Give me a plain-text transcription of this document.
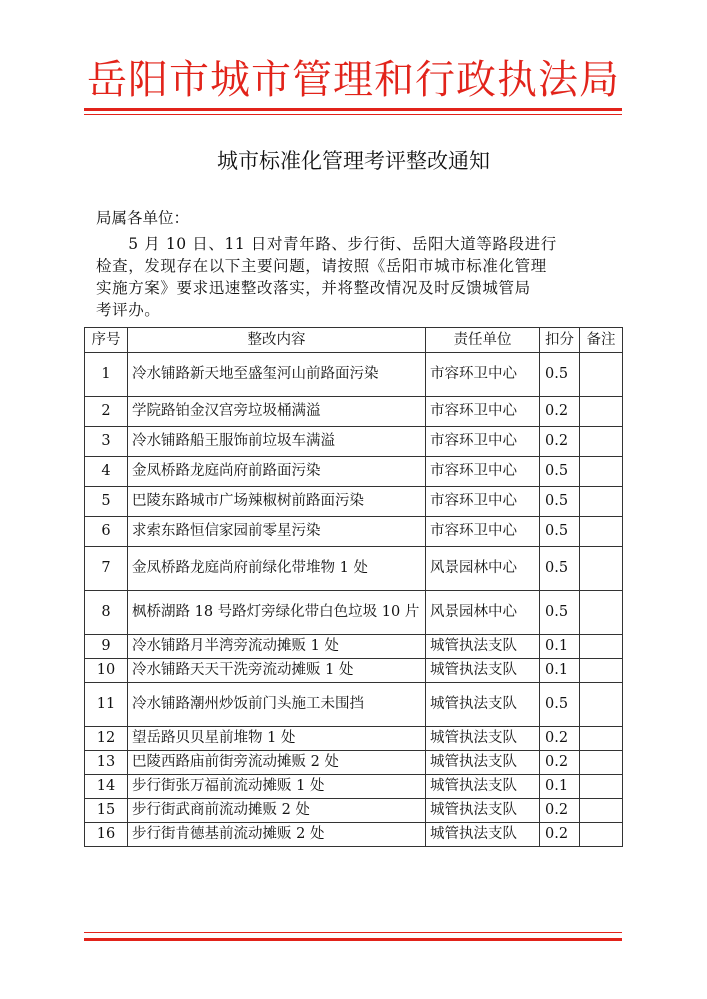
岳阳市城市管理和行政执法局
城市标准化管理考评整改通知
局属各单位：
　　5 月 10 日、11 日对青年路、步行街、岳阳大道等路段进行
检查，发现存在以下主要问题，请按照《岳阳市城市标准化管理
实施方案》要求迅速整改落实，并将整改情况及时反馈城管局
考评办。
序号	整改内容	责任单位	扣分	备注
1	冷水铺路新天地至盛玺河山前路面污染	市容环卫中心	0.5	
2	学院路铂金汉宫旁垃圾桶满溢	市容环卫中心	0.2	
3	冷水铺路船王服饰前垃圾车满溢	市容环卫中心	0.2	
4	金凤桥路龙庭尚府前路面污染	市容环卫中心	0.5	
5	巴陵东路城市广场辣椒树前路面污染	市容环卫中心	0.5	
6	求索东路恒信家园前零星污染	市容环卫中心	0.5	
7	金凤桥路龙庭尚府前绿化带堆物 1 处	风景园林中心	0.5	
8	枫桥湖路 18 号路灯旁绿化带白色垃圾 10 片	风景园林中心	0.5	
9	冷水铺路月半湾旁流动摊贩 1 处	城管执法支队	0.1	
10	冷水铺路天天干洗旁流动摊贩 1 处	城管执法支队	0.1	
11	冷水铺路潮州炒饭前门头施工未围挡	城管执法支队	0.5	
12	望岳路贝贝星前堆物 1 处	城管执法支队	0.2	
13	巴陵西路庙前街旁流动摊贩 2 处	城管执法支队	0.2	
14	步行街张万福前流动摊贩 1 处	城管执法支队	0.1	
15	步行街武商前流动摊贩 2 处	城管执法支队	0.2	
16	步行街肯德基前流动摊贩 2 处	城管执法支队	0.2	
